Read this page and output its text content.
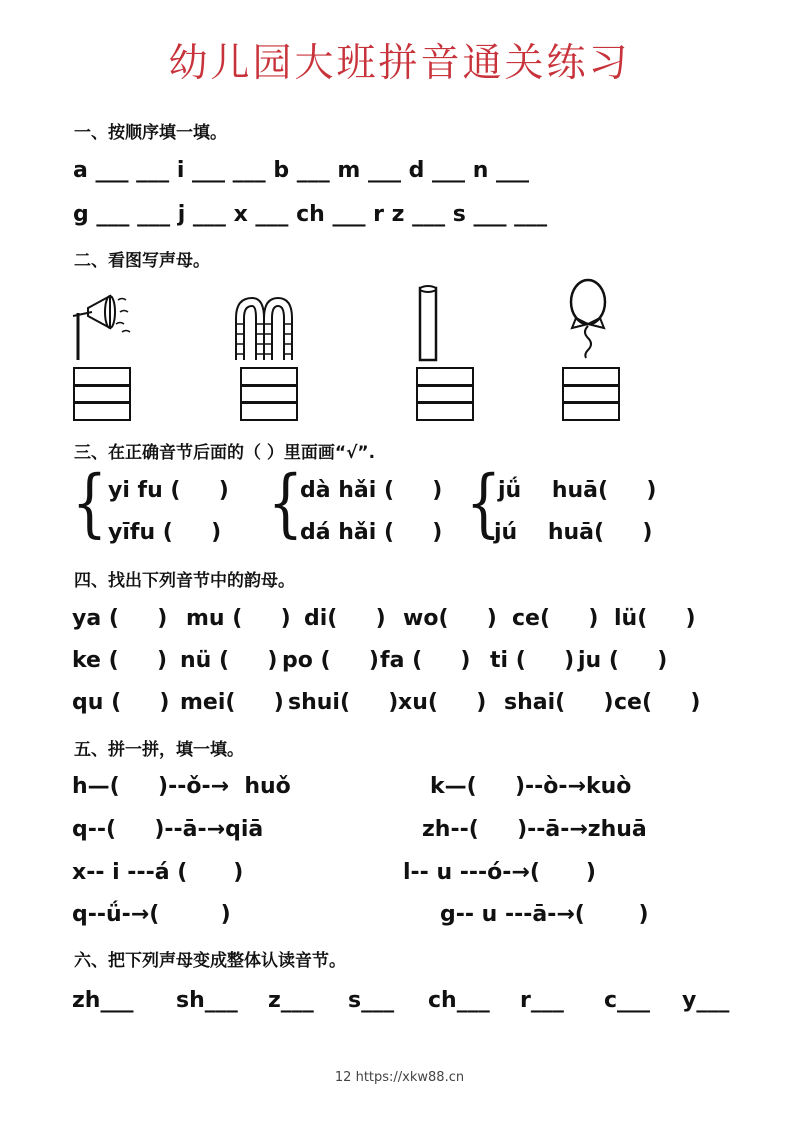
幼儿园大班拼音通关练习
一、按顺序填一填。
a ___ ___ i ___ ___ b ___ m ___ d ___ n ___
g ___ ___ j ___ x ___ ch ___ r z ___ s ___ ___
二、看图写声母。
三、在正确音节后面的（ ）里面画“√”.
{ yi fu (     )
yīfu (     ) {
dà hǎi (     )
dá hǎi (     ) {
jǘ    huā(     )
jú    huā(     )
四、找出下列音节中的韵母。
ya (     ) mu (     ) di(     ) wo(     ) ce(     ) lü(     )
ke (     ) nü (     ) po (     ) fa (     ) ti (     ) ju (     )
qu (     ) mei(     ) shui(     ) xu(     ) shai(     ) ce(     )
五、拼一拼，填一填。
h—(     )--ǒ-→  huǒ
q--(     )--ā-→qiā
x-- i ---á (      )
q--ǘ-→(        )
k—(     )--ò-→kuò
zh--(     )--ā-→zhuā
l-- u ---ó-→(      )
g-- u ---ā-→(       )
六、把下列声母变成整体认读音节。
zh___ sh___ z___ s___ ch___ r___ c___ y___
12 https://xkw88.cn
